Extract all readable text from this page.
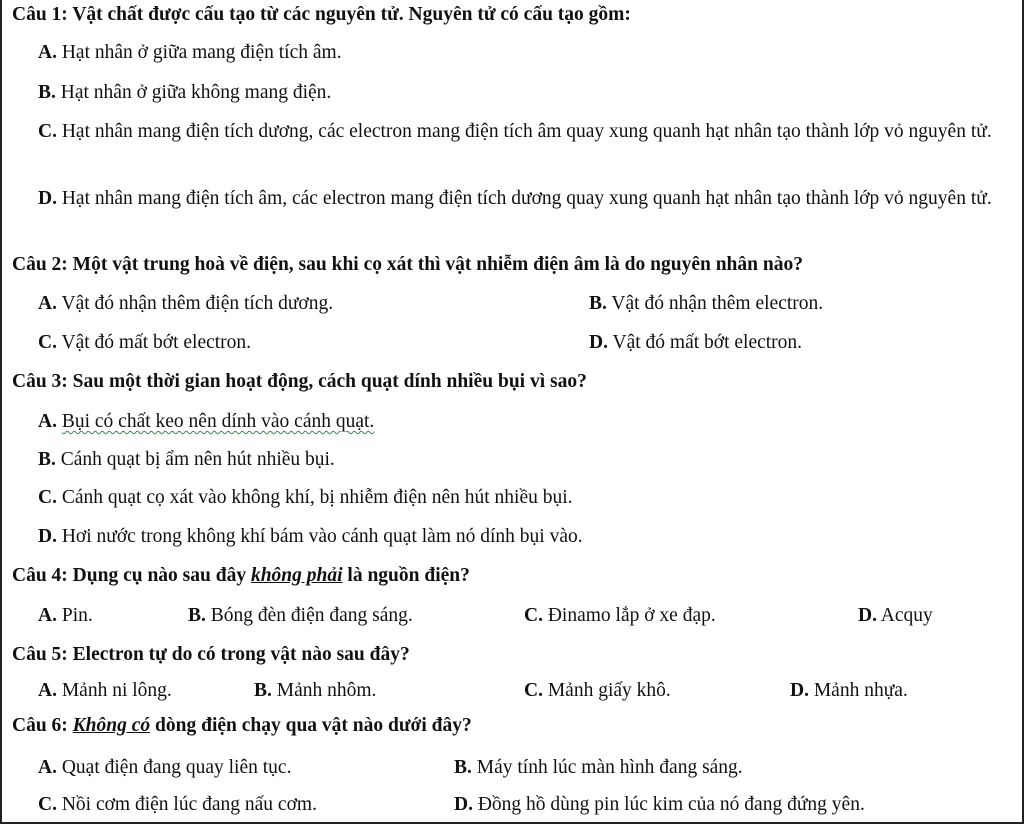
Câu 1: Vật chất được cấu tạo từ các nguyên tử. Nguyên tử có cấu tạo gồm:
A. Hạt nhân ở giữa mang điện tích âm.
B. Hạt nhân ở giữa không mang điện.
C. Hạt nhân mang điện tích dương, các electron mang điện tích âm quay xung quanh hạt nhân tạo thành lớp vỏ nguyên tử.
D. Hạt nhân mang điện tích âm, các electron mang điện tích dương quay xung quanh hạt nhân tạo thành lớp vỏ nguyên tử.
Câu 2: Một vật trung hoà về điện, sau khi cọ xát thì vật nhiễm điện âm là do nguyên nhân nào?
A. Vật đó nhận thêm điện tích dương.	B. Vật đó nhận thêm electron.
C. Vật đó mất bớt electron.	D. Vật đó mất bớt electron.
Câu 3: Sau một thời gian hoạt động, cách quạt dính nhiều bụi vì sao?
A. Bụi có chất keo nên dính vào cánh quạt.
B. Cánh quạt bị ẩm nên hút nhiều bụi.
C. Cánh quạt cọ xát vào không khí, bị nhiễm điện nên hút nhiều bụi.
D. Hơi nước trong không khí bám vào cánh quạt làm nó dính bụi vào.
Câu 4: Dụng cụ nào sau đây không phải là nguồn điện?
A. Pin.	B. Bóng đèn điện đang sáng.	C. Đinamo lắp ở xe đạp.	D. Acquy
Câu 5: Electron tự do có trong vật nào sau đây?
A. Mảnh ni lông.	B. Mảnh nhôm.	C. Mảnh giấy khô.	D. Mảnh nhựa.
Câu 6: Không có dòng điện chạy qua vật nào dưới đây?
A. Quạt điện đang quay liên tục.	B. Máy tính lúc màn hình đang sáng.
C. Nồi cơm điện lúc đang nấu cơm.	D. Đồng hồ dùng pin lúc kim của nó đang đứng yên.
